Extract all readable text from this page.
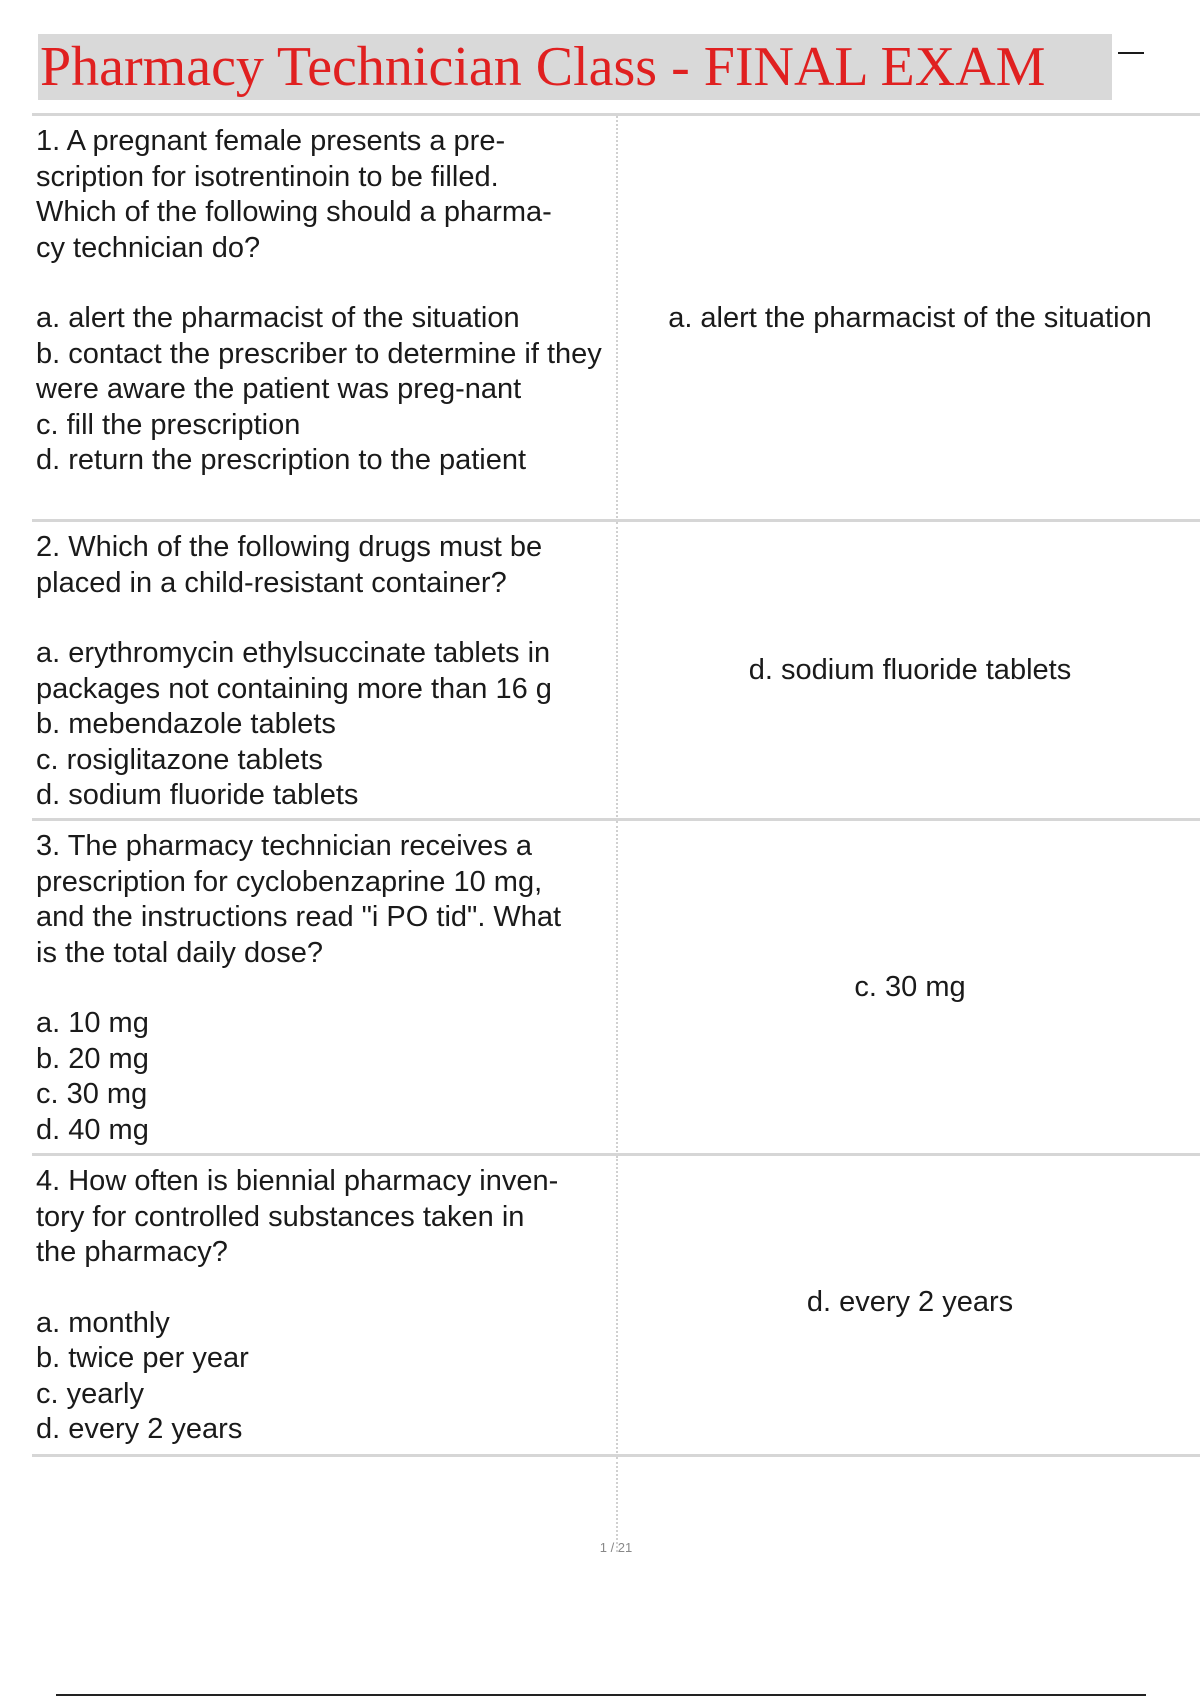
Pharmacy Technician Class - FINAL EXAM

1. A pregnant female presents a pre-
scription for isotrentinoin to be filled.
Which of the following should a pharma-
cy technician do?

a. alert the pharmacist of the situation

b. contact the prescriber to determine if they were aware the patient was preg-nant

c. fill the prescription

d. return the prescription to the patient

a. alert the pharmacist of the situation

2. Which of the following drugs must be
placed in a child-resistant container?

a. erythromycin ethylsuccinate tablets in packages not containing more than 16 g

b. mebendazole tablets

c. rosiglitazone tablets

d. sodium fluoride tablets

d. sodium fluoride tablets

3. The pharmacy technician receives a
prescription for cyclobenzaprine 10 mg,
and the instructions read "i PO tid". What
is the total daily dose?

a. 10 mg

b. 20 mg

c. 30 mg

d. 40 mg

c. 30 mg

4. How often is biennial pharmacy inven-
tory for controlled substances taken in
the pharmacy?

a. monthly

b. twice per year

c. yearly

d. every 2 years

d. every 2 years
1 / 21
